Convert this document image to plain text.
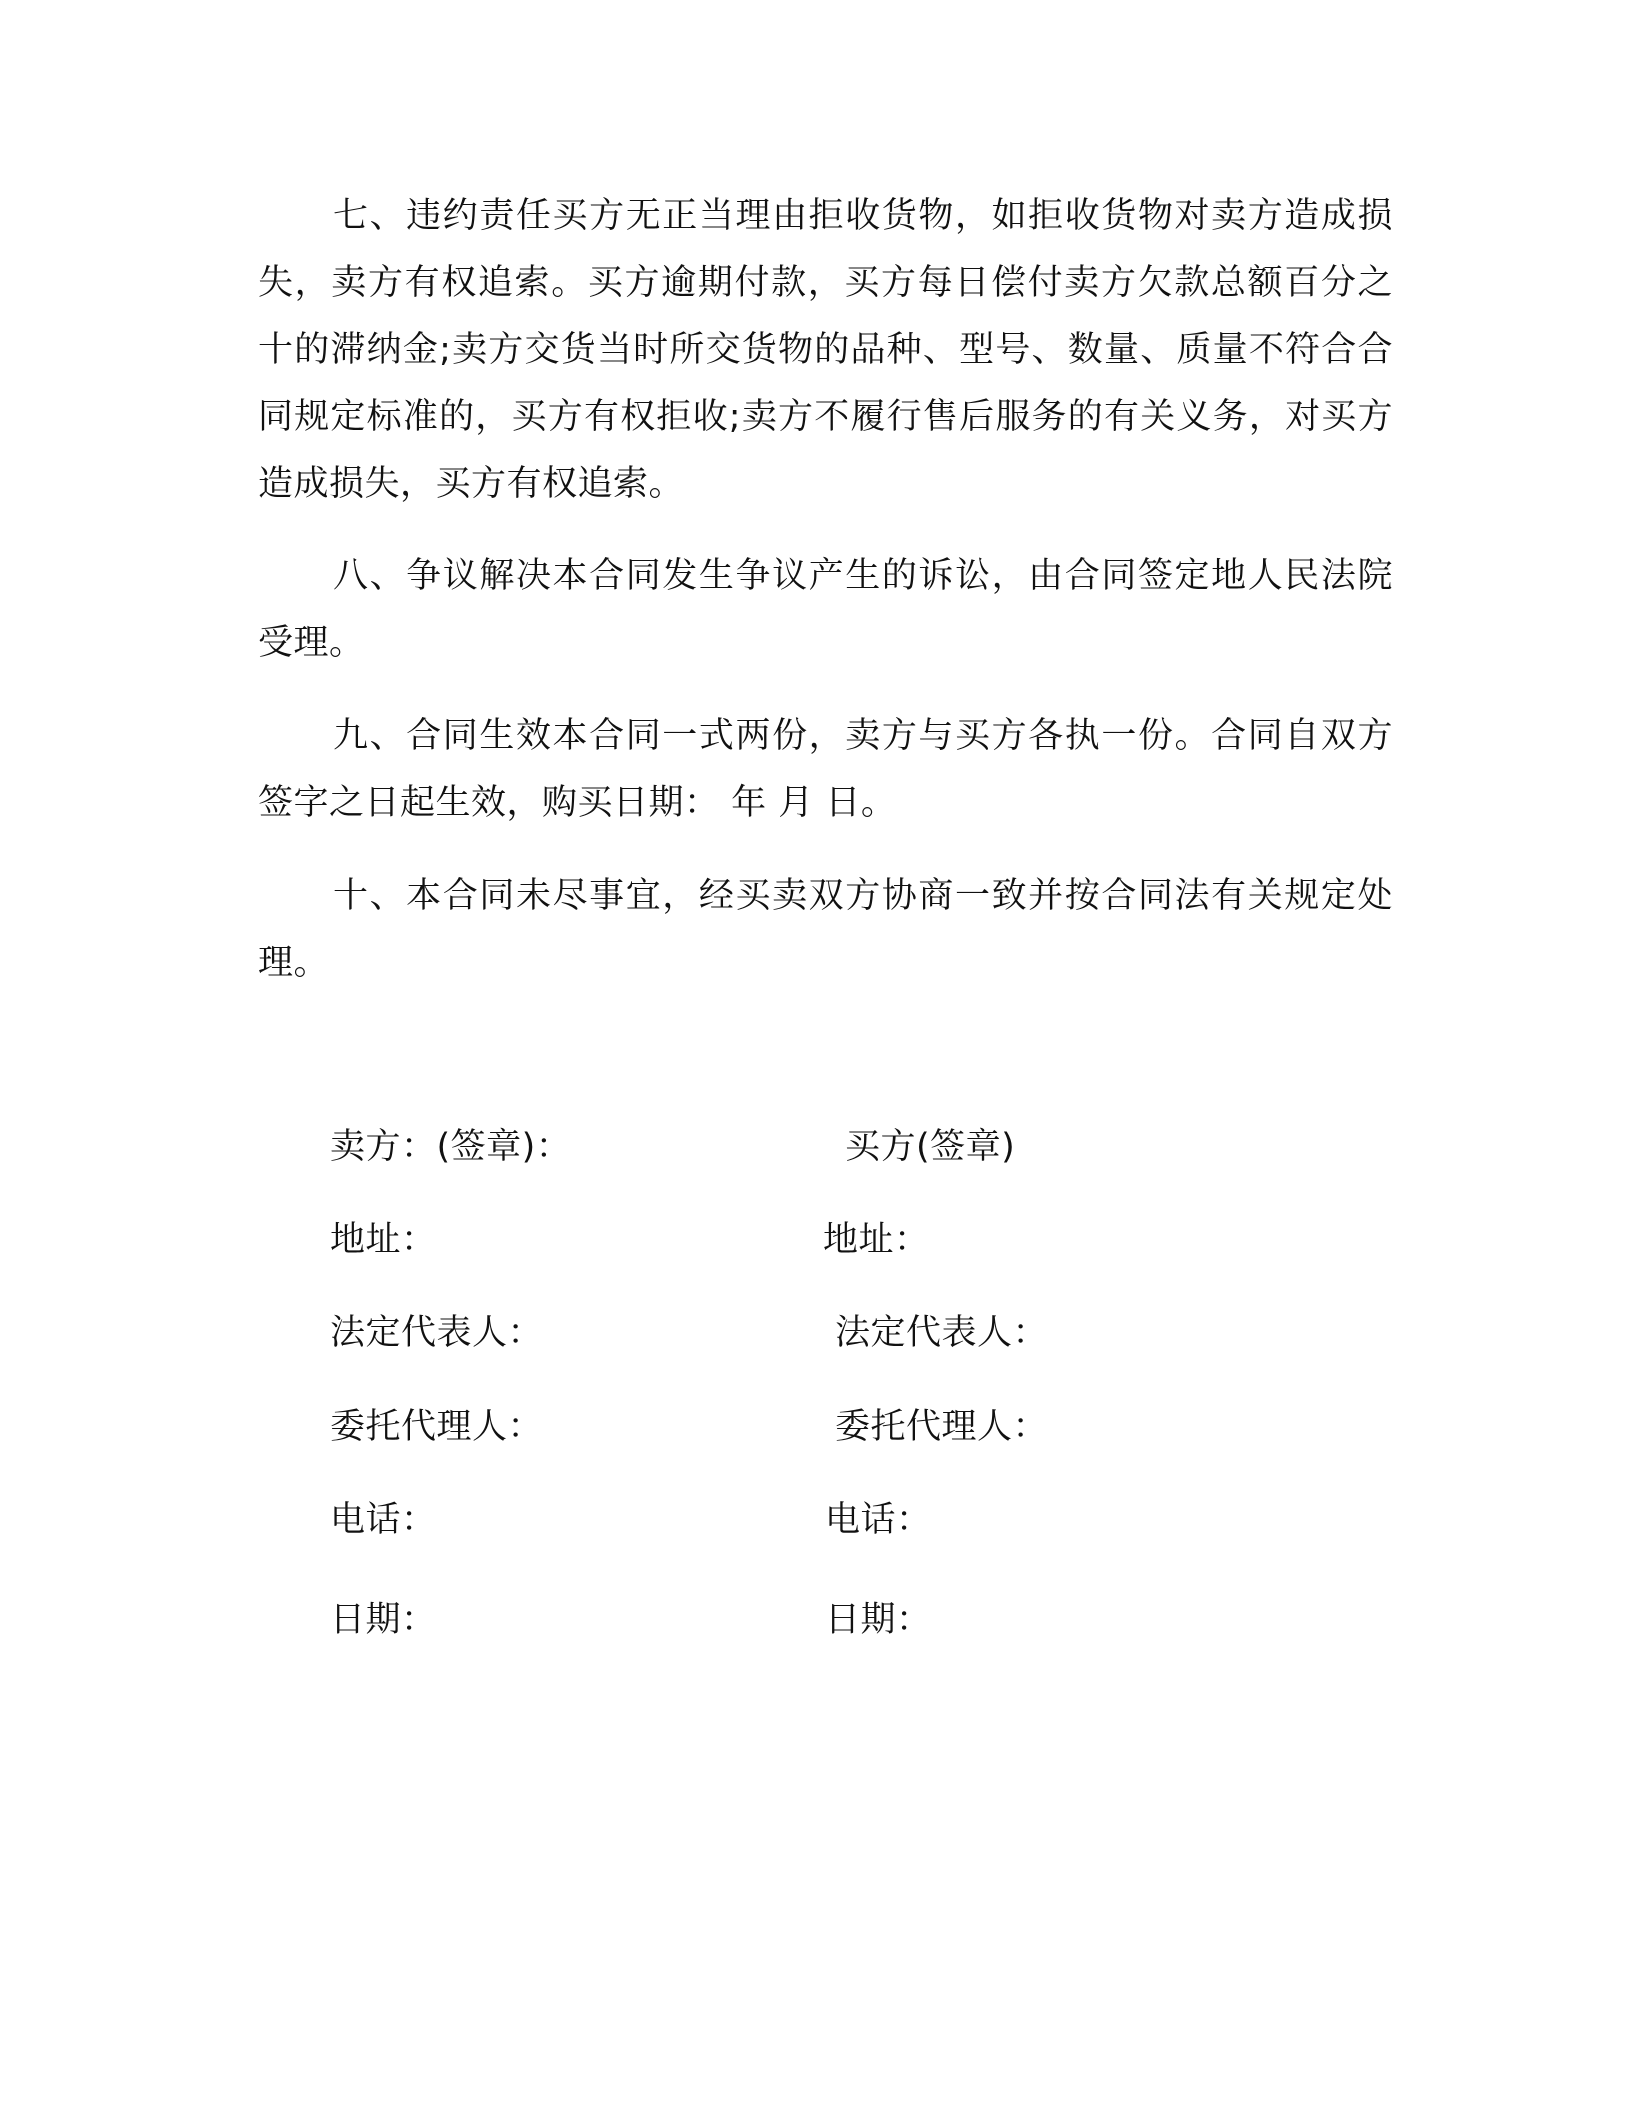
七、违约责任买方无正当理由拒收货物，如拒收货物对卖方造成损失，卖方有权追索。买方逾期付款，买方每日偿付卖方欠款总额百分之十的滞纳金;卖方交货当时所交货物的品种、型号、数量、质量不符合合同规定标准的，买方有权拒收;卖方不履行售后服务的有关义务，对买方造成损失，买方有权追索。

八、争议解决本合同发生争议产生的诉讼，由合同签定地人民法院受理。

九、合同生效本合同一式两份，卖方与买方各执一份。合同自双方签字之日起生效，购买日期： 年 月 日。

十、本合同未尽事宜，经买卖双方协商一致并按合同法有关规定处理。

卖方：(签章)：

地址：

法定代表人：

委托代理人：

电话：

日期：

买方(签章)

地址：

法定代表人：

委托代理人：

电话：

日期：
